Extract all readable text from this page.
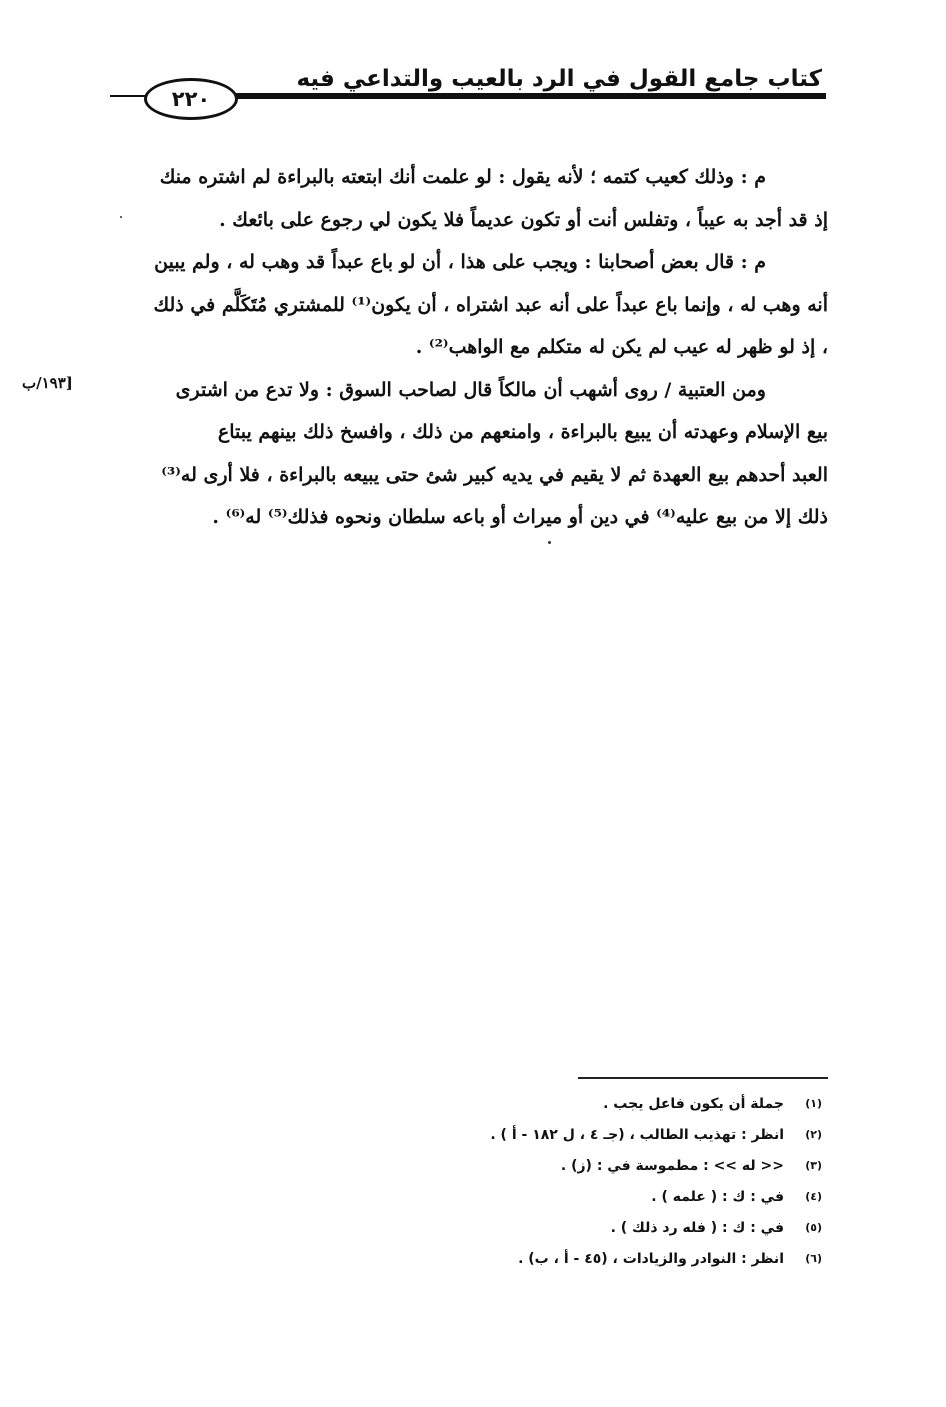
٢٢٠
كتاب جامع القول في الرد بالعيب والتداعي فيه
م : وذلك كعيب كتمه ؛ لأنه يقول : لو علمت أنك ابتعته بالبراءة لم اشتره منك
إذ قد أجد به عيباً ، وتفلس أنت أو تكون عديماً فلا يكون لي رجوع على بائعك .
م : قال بعض أصحابنا : ويجب على هذا ، أن لو باع عبداً قد وهب له ، ولم يبين
أنه وهب له ، وإنما باع عبداً على أنه عبد اشتراه ، أن يكون⁽¹⁾ للمشتري مُتَكَلَّم في ذلك
، إذ لو ظهر له عيب لم يكن له متكلم مع الواهب⁽²⁾ .
ومن العتبية / روى أشهب أن مالكاً قال لصاحب السوق : ولا تدع من اشترى
بيع الإسلام وعهدته أن يبيع بالبراءة ، وامنعهم من ذلك ، وافسخ ذلك بينهم يبتاع
العبد أحدهم بيع العهدة ثم لا يقيم في يديه كبير شئ حتى يبيعه بالبراءة ، فلا أرى له⁽³⁾
ذلك إلا من بيع عليه⁽⁴⁾ في دين أو ميراث أو باعه سلطان ونحوه فذلك⁽⁵⁾ له⁽⁶⁾ .
[١٩٣/ب
(١)
جملة أن يكون فاعل يجب .
(٢)
انظر : تهذيب الطالب ، (جـ ٤ ، ل ١٨٢ - أ ) .
(٣)
<< له >> : مطموسة في : (ز) .
(٤)
في : ك : ( علمه ) .
(٥)
في : ك : ( فله رد ذلك ) .
(٦)
انظر : النوادر والزيادات ، (٤٥ - أ ، ب) .
